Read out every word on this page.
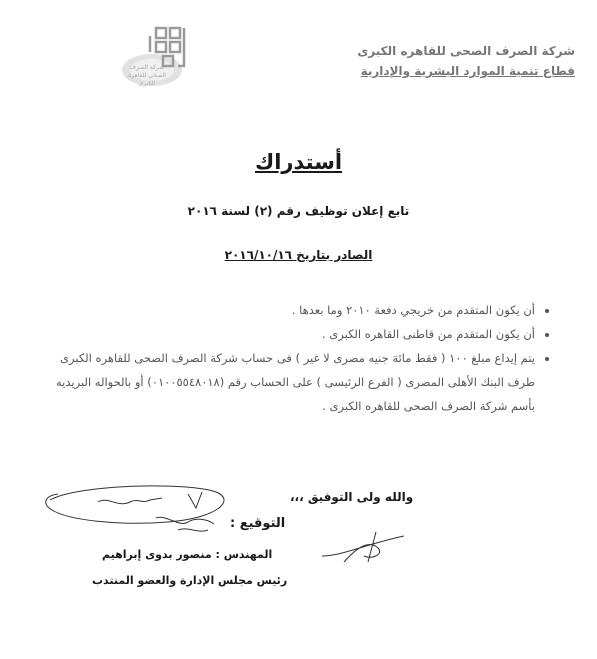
شركة الصرف الصحى للقاهره الكبرى
قطاع تنمية الموارد البشرية والإدارية
شركة الصرف الصحي للقاهرة الكبرى
أستدراك
تابع إعلان توظيف رقم (٢) لسنة ٢٠١٦
الصادر بتاريخ ٢٠١٦/١٠/١٦
• أن يكون المتقدم من خريجي دفعة ٢٠١٠ وما بعدها .
• أن يكون المتقدم من قاطنى القاهره الكبرى .
• يتم إيداع مبلغ ١٠٠ ( فقط مائة جنيه مصرى لا غير ) فى حساب شركة الصرف الصحى للقاهره الكبرى طرف البنك الأهلى المصرى ( الفرع الرئيسى ) على الحساب رقم (٠١٠٠٥٥٤٨٠١٨) أو بالحواله البريديه بأسم شركة الصرف الصحى للقاهره الكبرى .
والله ولى التوفيق ،،،
التوقيع :
المهندس : منصور بدوى إبراهيم
رئيس مجلس الإدارة والعضو المنتدب
